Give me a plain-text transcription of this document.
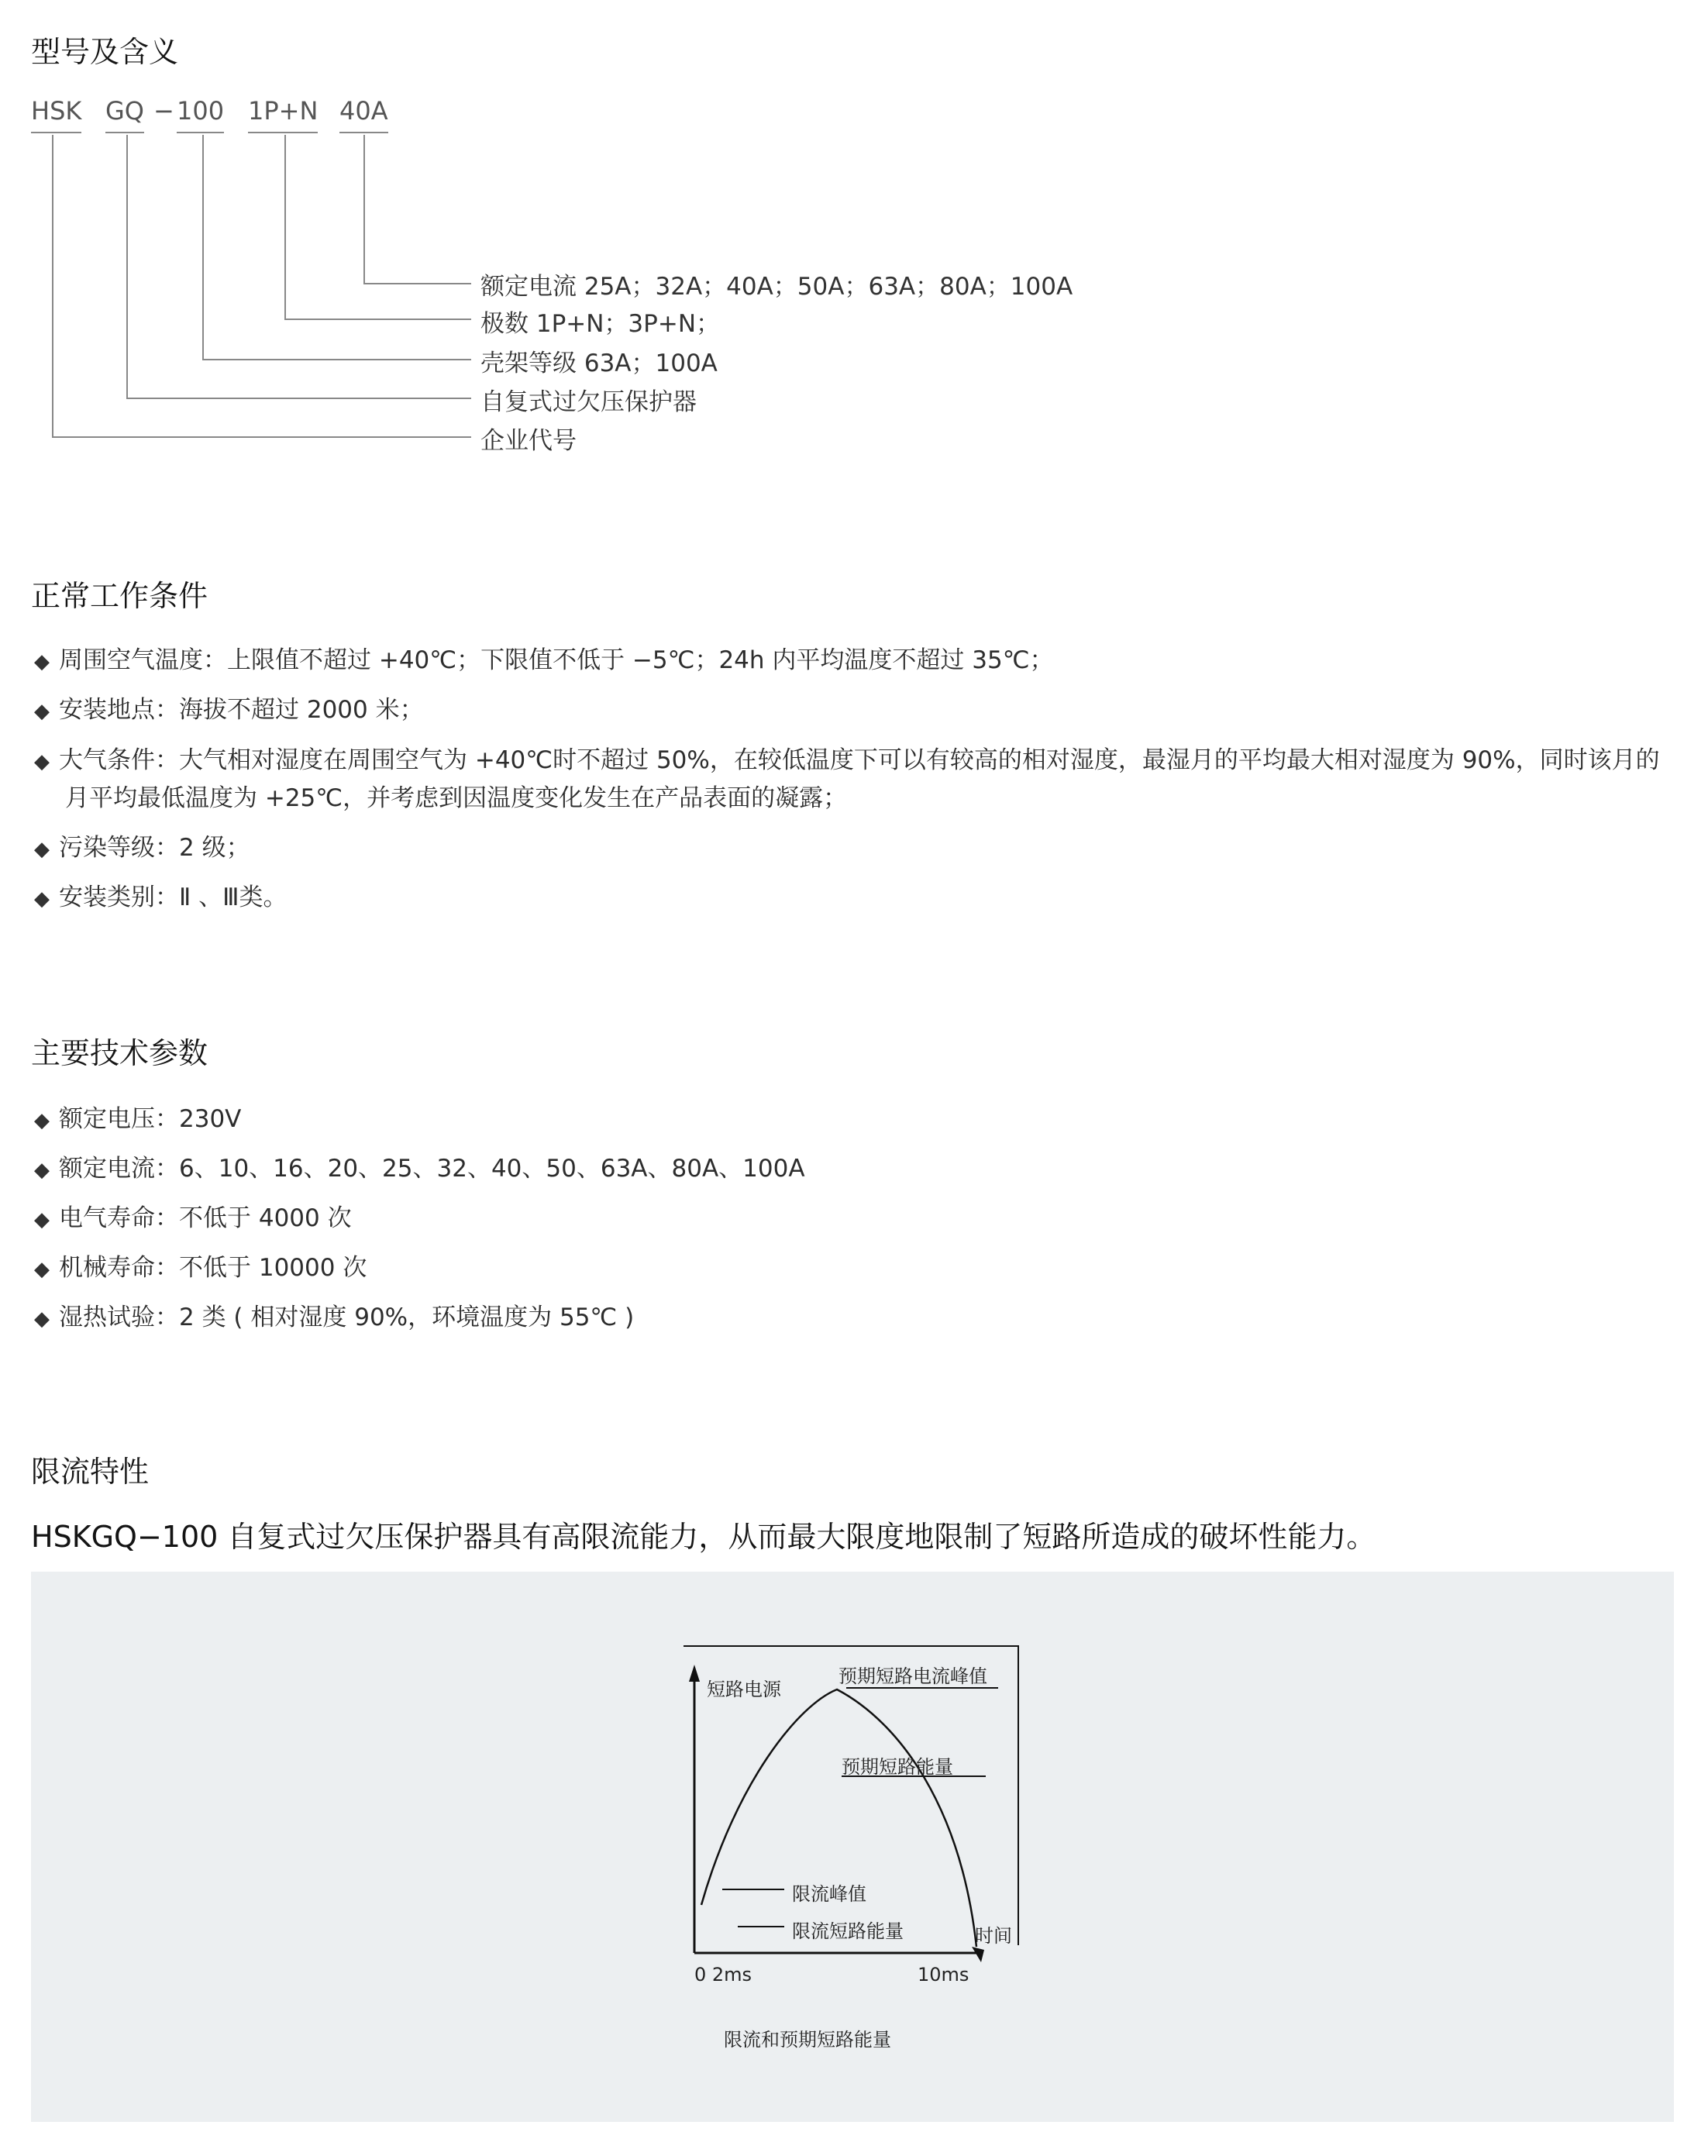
型号及含义
HSK GQ − 100 1P+N 40A
额定电流 25A；32A；40A；50A；63A；80A；100A
极数 1P+N；3P+N；
壳架等级 63A；100A
自复式过欠压保护器
企业代号
正常工作条件
◆ 周围空气温度：上限值不超过 +40℃；下限值不低于 −5℃；24h 内平均温度不超过 35℃；
◆ 安装地点：海拔不超过 2000 米；
◆ 大气条件：大气相对湿度在周围空气为 +40℃时不超过 50%，在较低温度下可以有较高的相对湿度，最湿月的平均最大相对湿度为 90%，同时该月的
月平均最低温度为 +25℃，并考虑到因温度变化发生在产品表面的凝露；
◆ 污染等级：2 级；
◆ 安装类别：Ⅱ 、Ⅲ类。
主要技术参数
◆ 额定电压：230V
◆ 额定电流：6、10、16、20、25、32、40、50、63A、80A、100A
◆ 电气寿命：不低于 4000 次
◆ 机械寿命：不低于 10000 次
◆ 湿热试验：2 类 ( 相对湿度 90%，环境温度为 55℃ )
限流特性
HSKGQ−100 自复式过欠压保护器具有高限流能力，从而最大限度地限制了短路所造成的破坏性能力。
短路电源
预期短路电流峰值
预期短路能量
限流峰值
限流短路能量	时间
0 2ms	10ms
限流和预期短路能量
